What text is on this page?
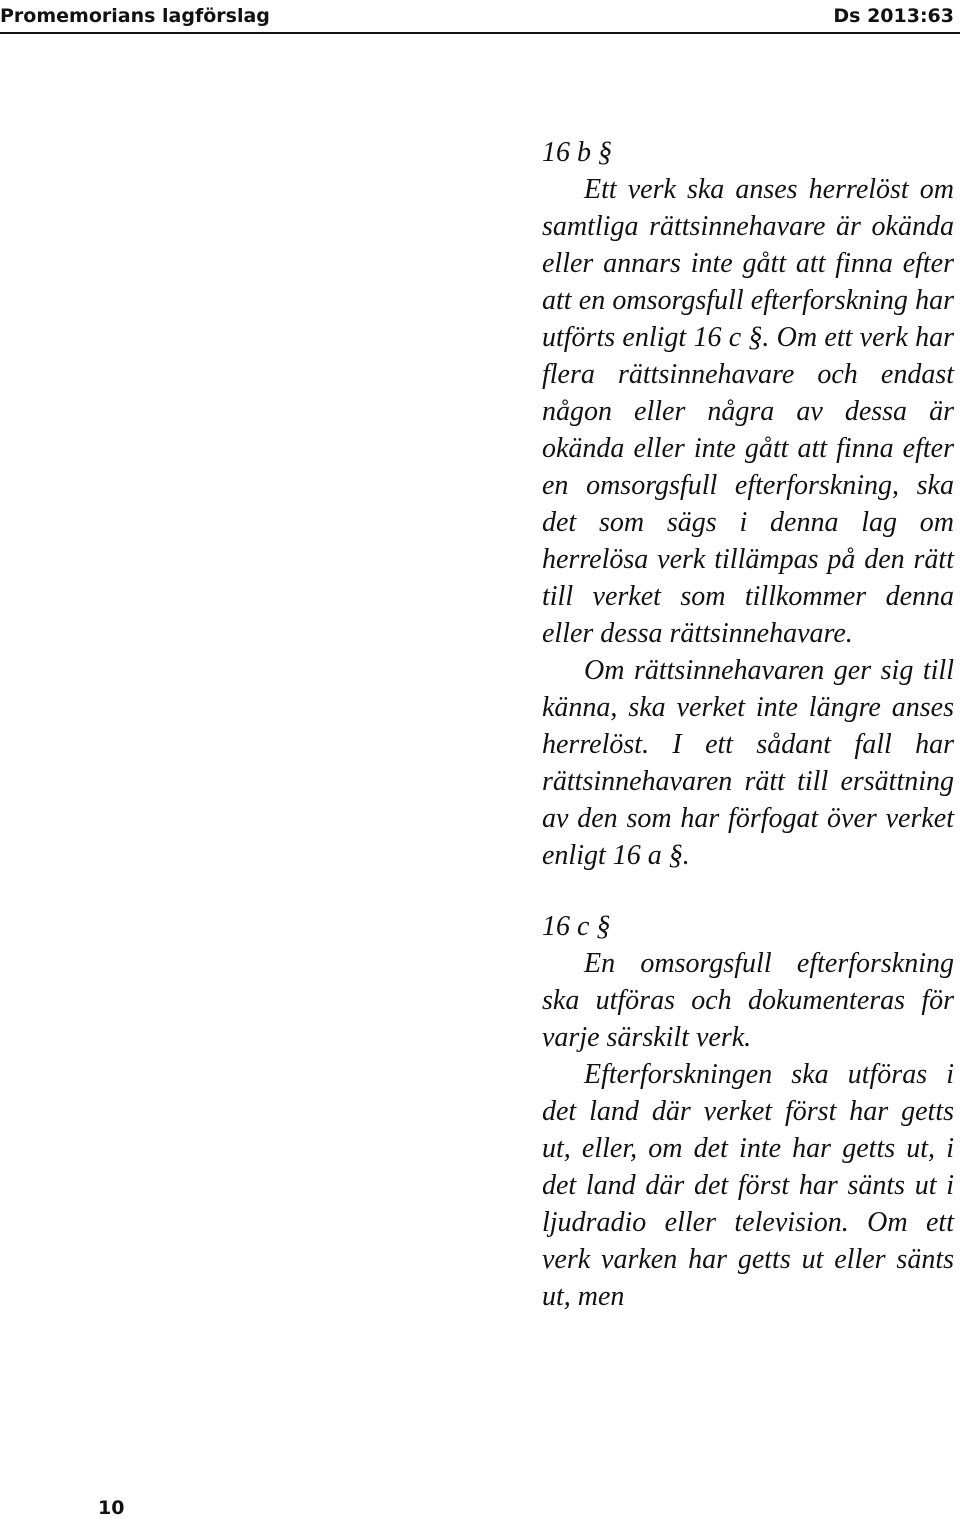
Promemorians lagförslag	Ds 2013:63

16 b §

Ett verk ska anses herrelöst om samtliga rättsinnehavare är okända eller annars inte gått att finna efter att en omsorgsfull efterforskning har utförts enligt 16 c §. Om ett verk har flera rättsinnehavare och endast någon eller några av dessa är okända eller inte gått att finna efter en omsorgsfull efterforskning, ska det som sägs i denna lag om herrelösa verk tillämpas på den rätt till verket som tillkommer denna eller dessa rättsinnehavare.

Om rättsinnehavaren ger sig till känna, ska verket inte längre anses herrelöst. I ett sådant fall har rättsinnehavaren rätt till ersättning av den som har förfogat över verket enligt 16 a §.

16 c §

En omsorgsfull efterforskning ska utföras och dokumenteras för varje särskilt verk.

Efterforskningen ska utföras i det land där verket först har getts ut, eller, om det inte har getts ut, i det land där det först har sänts ut i ljudradio eller television. Om ett verk varken har getts ut eller sänts ut, men

10
